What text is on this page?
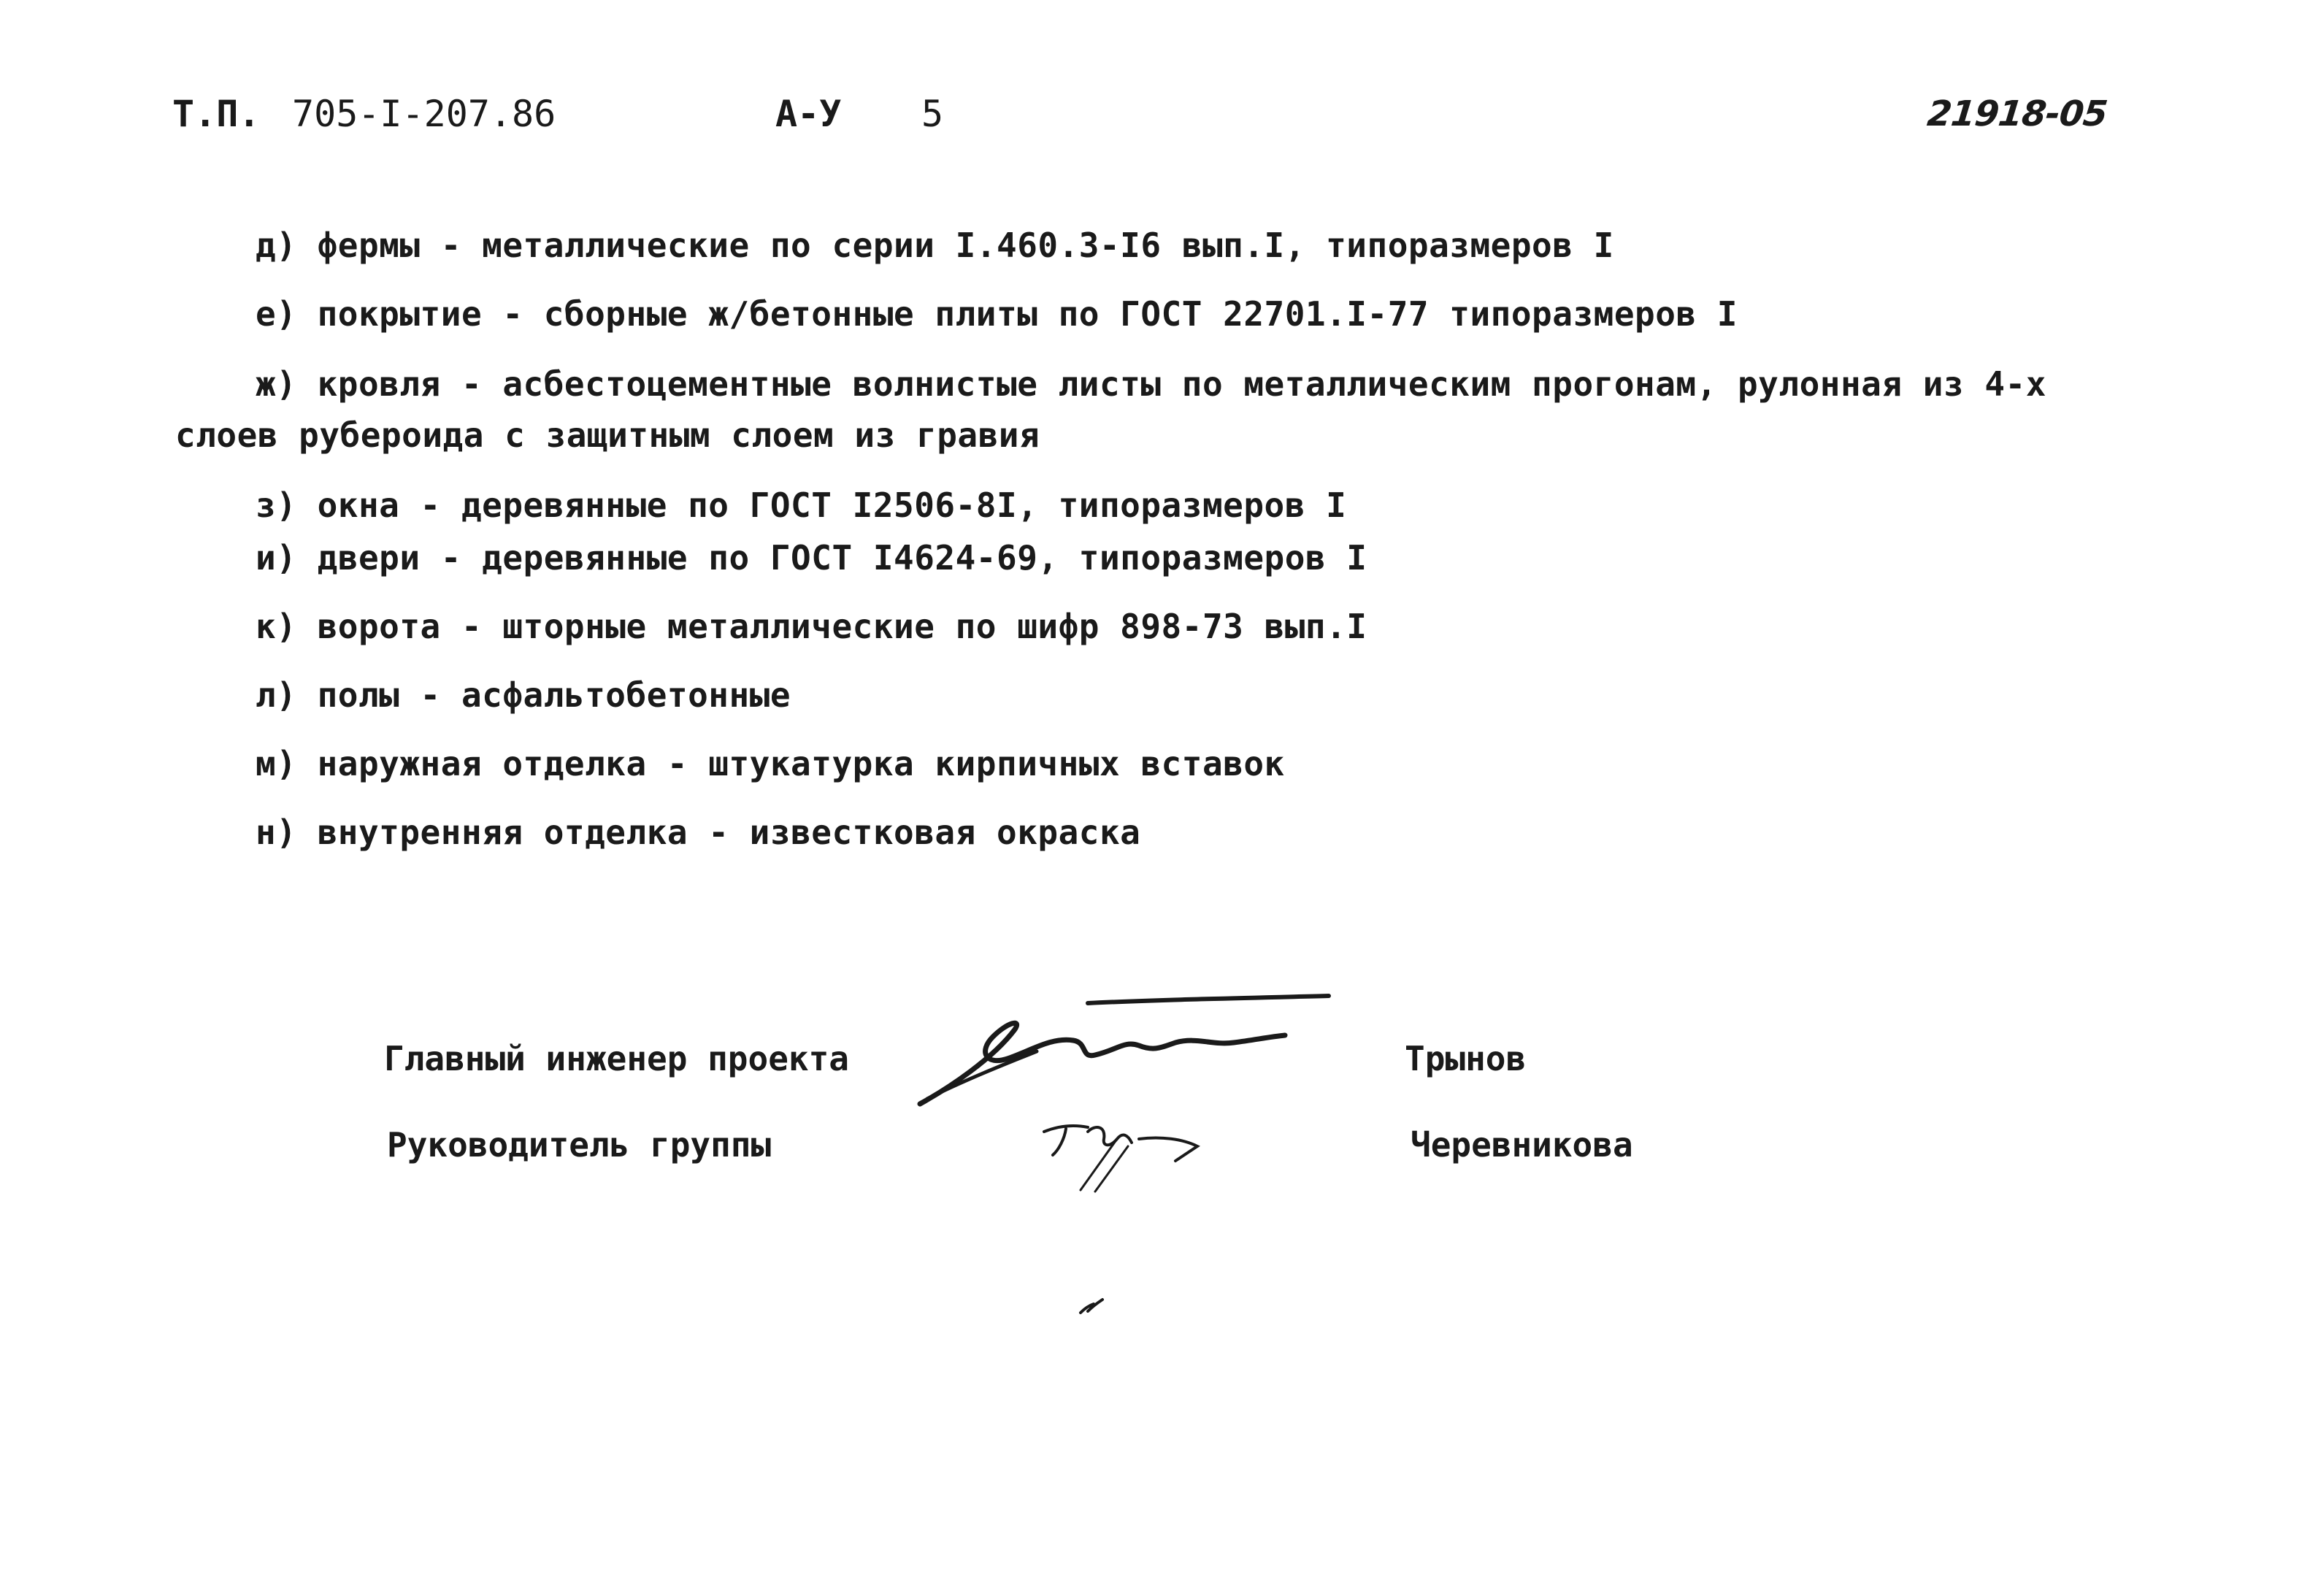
Т.П. 705-I-207.86	А-У 5	21918-05
д) фермы - металлические по серии I.460.3-I6 вып.I, типоразмеров I
е) покрытие - сборные ж/бетонные плиты по ГОСТ 22701.I-77 типоразмеров I
ж) кровля - асбестоцементные волнистые листы по металлическим прогонам, рулонная из 4-х
слоев рубероида с защитным слоем из гравия
з) окна - деревянные по ГОСТ I2506-8I, типоразмеров I
и) двери - деревянные по ГОСТ I4624-69, типоразмеров I
к) ворота - шторные металлические по шифр 898-73 вып.I
л) полы - асфальтобетонные
м) наружная отделка - штукатурка кирпичных вставок
н) внутренняя отделка - известковая окраска
Главный инженер проекта	Трынов
Руководитель группы	Черевникова
